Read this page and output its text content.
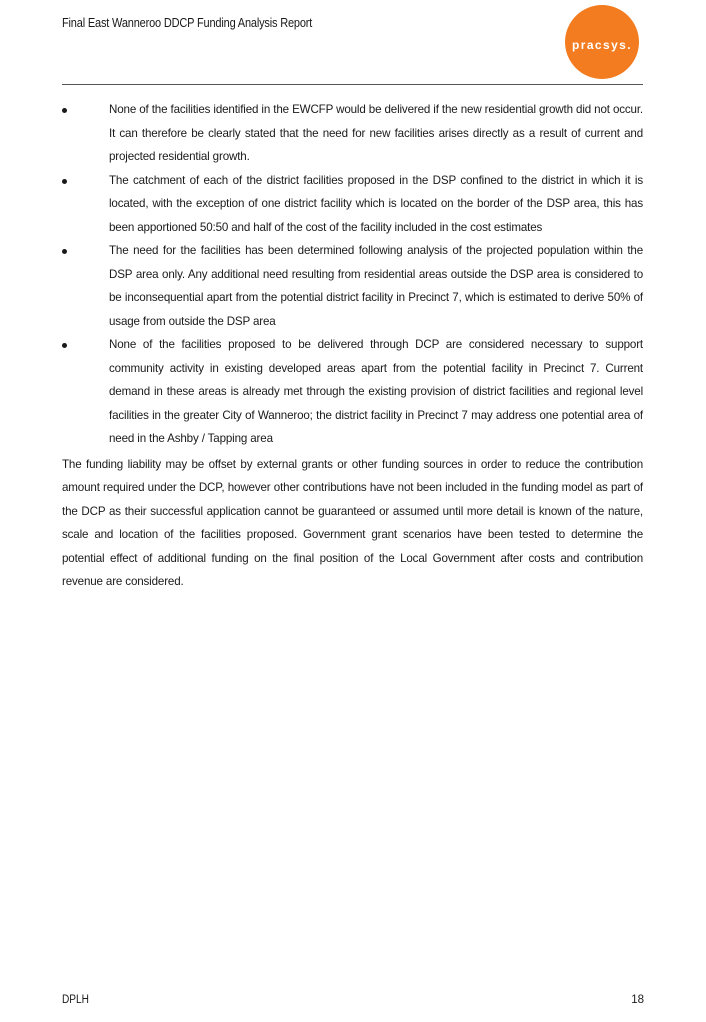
Final East Wanneroo DDCP Funding Analysis Report
pracsys.
None of the facilities identified in the EWCFP would be delivered if the new residential growth did not occur. It can therefore be clearly stated that the need for new facilities arises directly as a result of current and projected residential growth.
The catchment of each of the district facilities proposed in the DSP confined to the district in which it is located, with the exception of one district facility which is located on the border of the DSP area, this has been apportioned 50:50 and half of the cost of the facility included in the cost estimates
The need for the facilities has been determined following analysis of the projected population within the DSP area only. Any additional need resulting from residential areas outside the DSP area is considered to be inconsequential apart from the potential district facility in Precinct 7, which is estimated to derive 50% of usage from outside the DSP area
None of the facilities proposed to be delivered through DCP are considered necessary to support community activity in existing developed areas apart from the potential facility in Precinct 7. Current demand in these areas is already met through the existing provision of district facilities and regional level facilities in the greater City of Wanneroo; the district facility in Precinct 7 may address one potential area of need in the Ashby / Tapping area

The funding liability may be offset by external grants or other funding sources in order to reduce the contribution amount required under the DCP, however other contributions have not been included in the funding model as part of the DCP as their successful application cannot be guaranteed or assumed until more detail is known of the nature, scale and location of the facilities proposed. Government grant scenarios have been tested to determine the potential effect of additional funding on the final position of the Local Government after costs and contribution revenue are considered.

DPLH	18
